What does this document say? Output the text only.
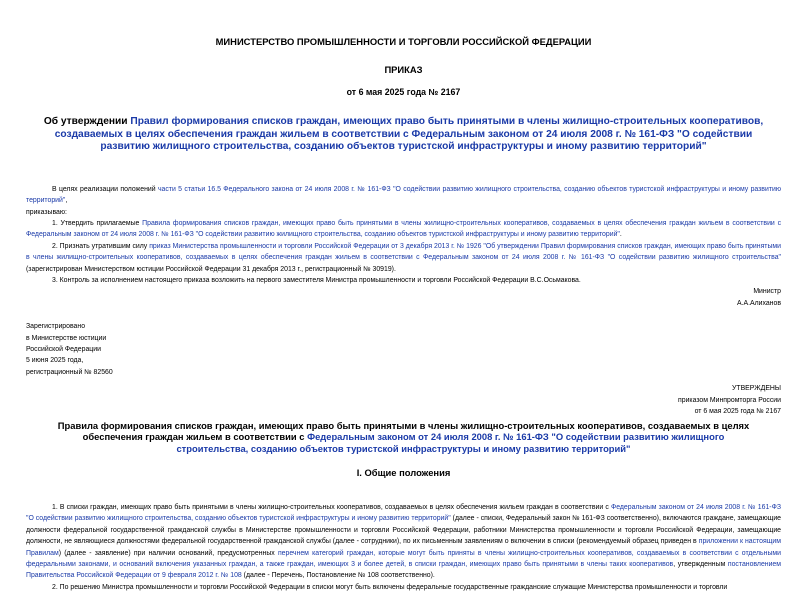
МИНИСТЕРСТВО ПРОМЫШЛЕННОСТИ И ТОРГОВЛИ РОССИЙСКОЙ ФЕДЕРАЦИИ
ПРИКАЗ
от 6 мая 2025 года № 2167
Об утверждении Правил формирования списков граждан, имеющих право быть принятыми в члены жилищно-строительных кооперативов, создаваемых в целях обеспечения граждан жильем в соответствии с Федеральным законом от 24 июля 2008 г. № 161-ФЗ "О содействии развитию жилищного строительства, созданию объектов туристской инфраструктуры и иному развитию территорий"

В целях реализации положений части 5 статьи 16.5 Федерального закона от 24 июля 2008 г. № 161-ФЗ "О содействии развитию жилищного строительства, созданию объектов туристской инфраструктуры и иному развитию территорий",

приказываю:

1. Утвердить прилагаемые Правила формирования списков граждан, имеющих право быть принятыми в члены жилищно-строительных кооперативов, создаваемых в целях обеспечения граждан жильем в соответствии с Федеральным законом от 24 июля 2008 г. № 161-ФЗ "О содействии развитию жилищного строительства, созданию объектов туристской инфраструктуры и иному развитию территорий".

2. Признать утратившим силу приказ Министерства промышленности и торговли Российской Федерации от 3 декабря 2013 г. № 1926 "Об утверждении Правил формирования списков граждан, имеющих право быть принятыми в члены жилищно-строительных кооперативов, создаваемых в целях обеспечения граждан жильем в соответствии с Федеральным законом от 24 июля 2008 г. № 161-ФЗ "О содействии развитию жилищного строительства" (зарегистрирован Министерством юстиции Российской Федерации 31 декабря 2013 г., регистрационный № 30919).

3. Контроль за исполнением настоящего приказа возложить на первого заместителя Министра промышленности и торговли Российской Федерации В.С.Осьмакова.

Министр

А.А.Алиханов

Зарегистрировано

в Министерстве юстиции

Российской Федерации

5 июня 2025 года,

регистрационный № 82560

УТВЕРЖДЕНЫ

приказом Минпромторга России

от 6 мая 2025 года № 2167

Правила формирования списков граждан, имеющих право быть принятыми в члены жилищно-строительных кооперативов, создаваемых в целях обеспечения граждан жильем в соответствии с Федеральным законом от 24 июля 2008 г. № 161-ФЗ "О содействии развитию жилищного строительства, созданию объектов туристской инфраструктуры и иному развитию территорий"
I. Общие положения

1. В списки граждан, имеющих право быть принятыми в члены жилищно-строительных кооперативов, создаваемых в целях обеспечения жильем граждан в соответствии с Федеральным законом от 24 июля 2008 г. № 161-ФЗ "О содействии развитию жилищного строительства, созданию объектов туристской инфраструктуры и иному развитию территорий" (далее - списки, Федеральный закон № 161-ФЗ соответственно), включаются граждане, замещающие должности федеральной государственной гражданской службы в Министерстве промышленности и торговли Российской Федерации, работники Министерства промышленности и торговли Российской Федерации, замещающие должности, не являющиеся должностями федеральной государственной гражданской службы (далее - сотрудники), по их письменным заявлениям о включении в списки (рекомендуемый образец приведен в приложении к настоящим Правилам) (далее - заявление) при наличии оснований, предусмотренных перечнем категорий граждан, которые могут быть приняты в члены жилищно-строительных кооперативов, создаваемых в соответствии с отдельными федеральными законами, и оснований включения указанных граждан, а также граждан, имеющих 3 и более детей, в списки граждан, имеющих право быть принятыми в члены таких кооперативов, утвержденным постановлением Правительства Российской Федерации от 9 февраля 2012 г. № 108 (далее - Перечень, Постановление № 108 соответственно).

2. По решению Министра промышленности и торговли Российской Федерации в списки могут быть включены федеральные государственные гражданские служащие Министерства промышленности и торговли
